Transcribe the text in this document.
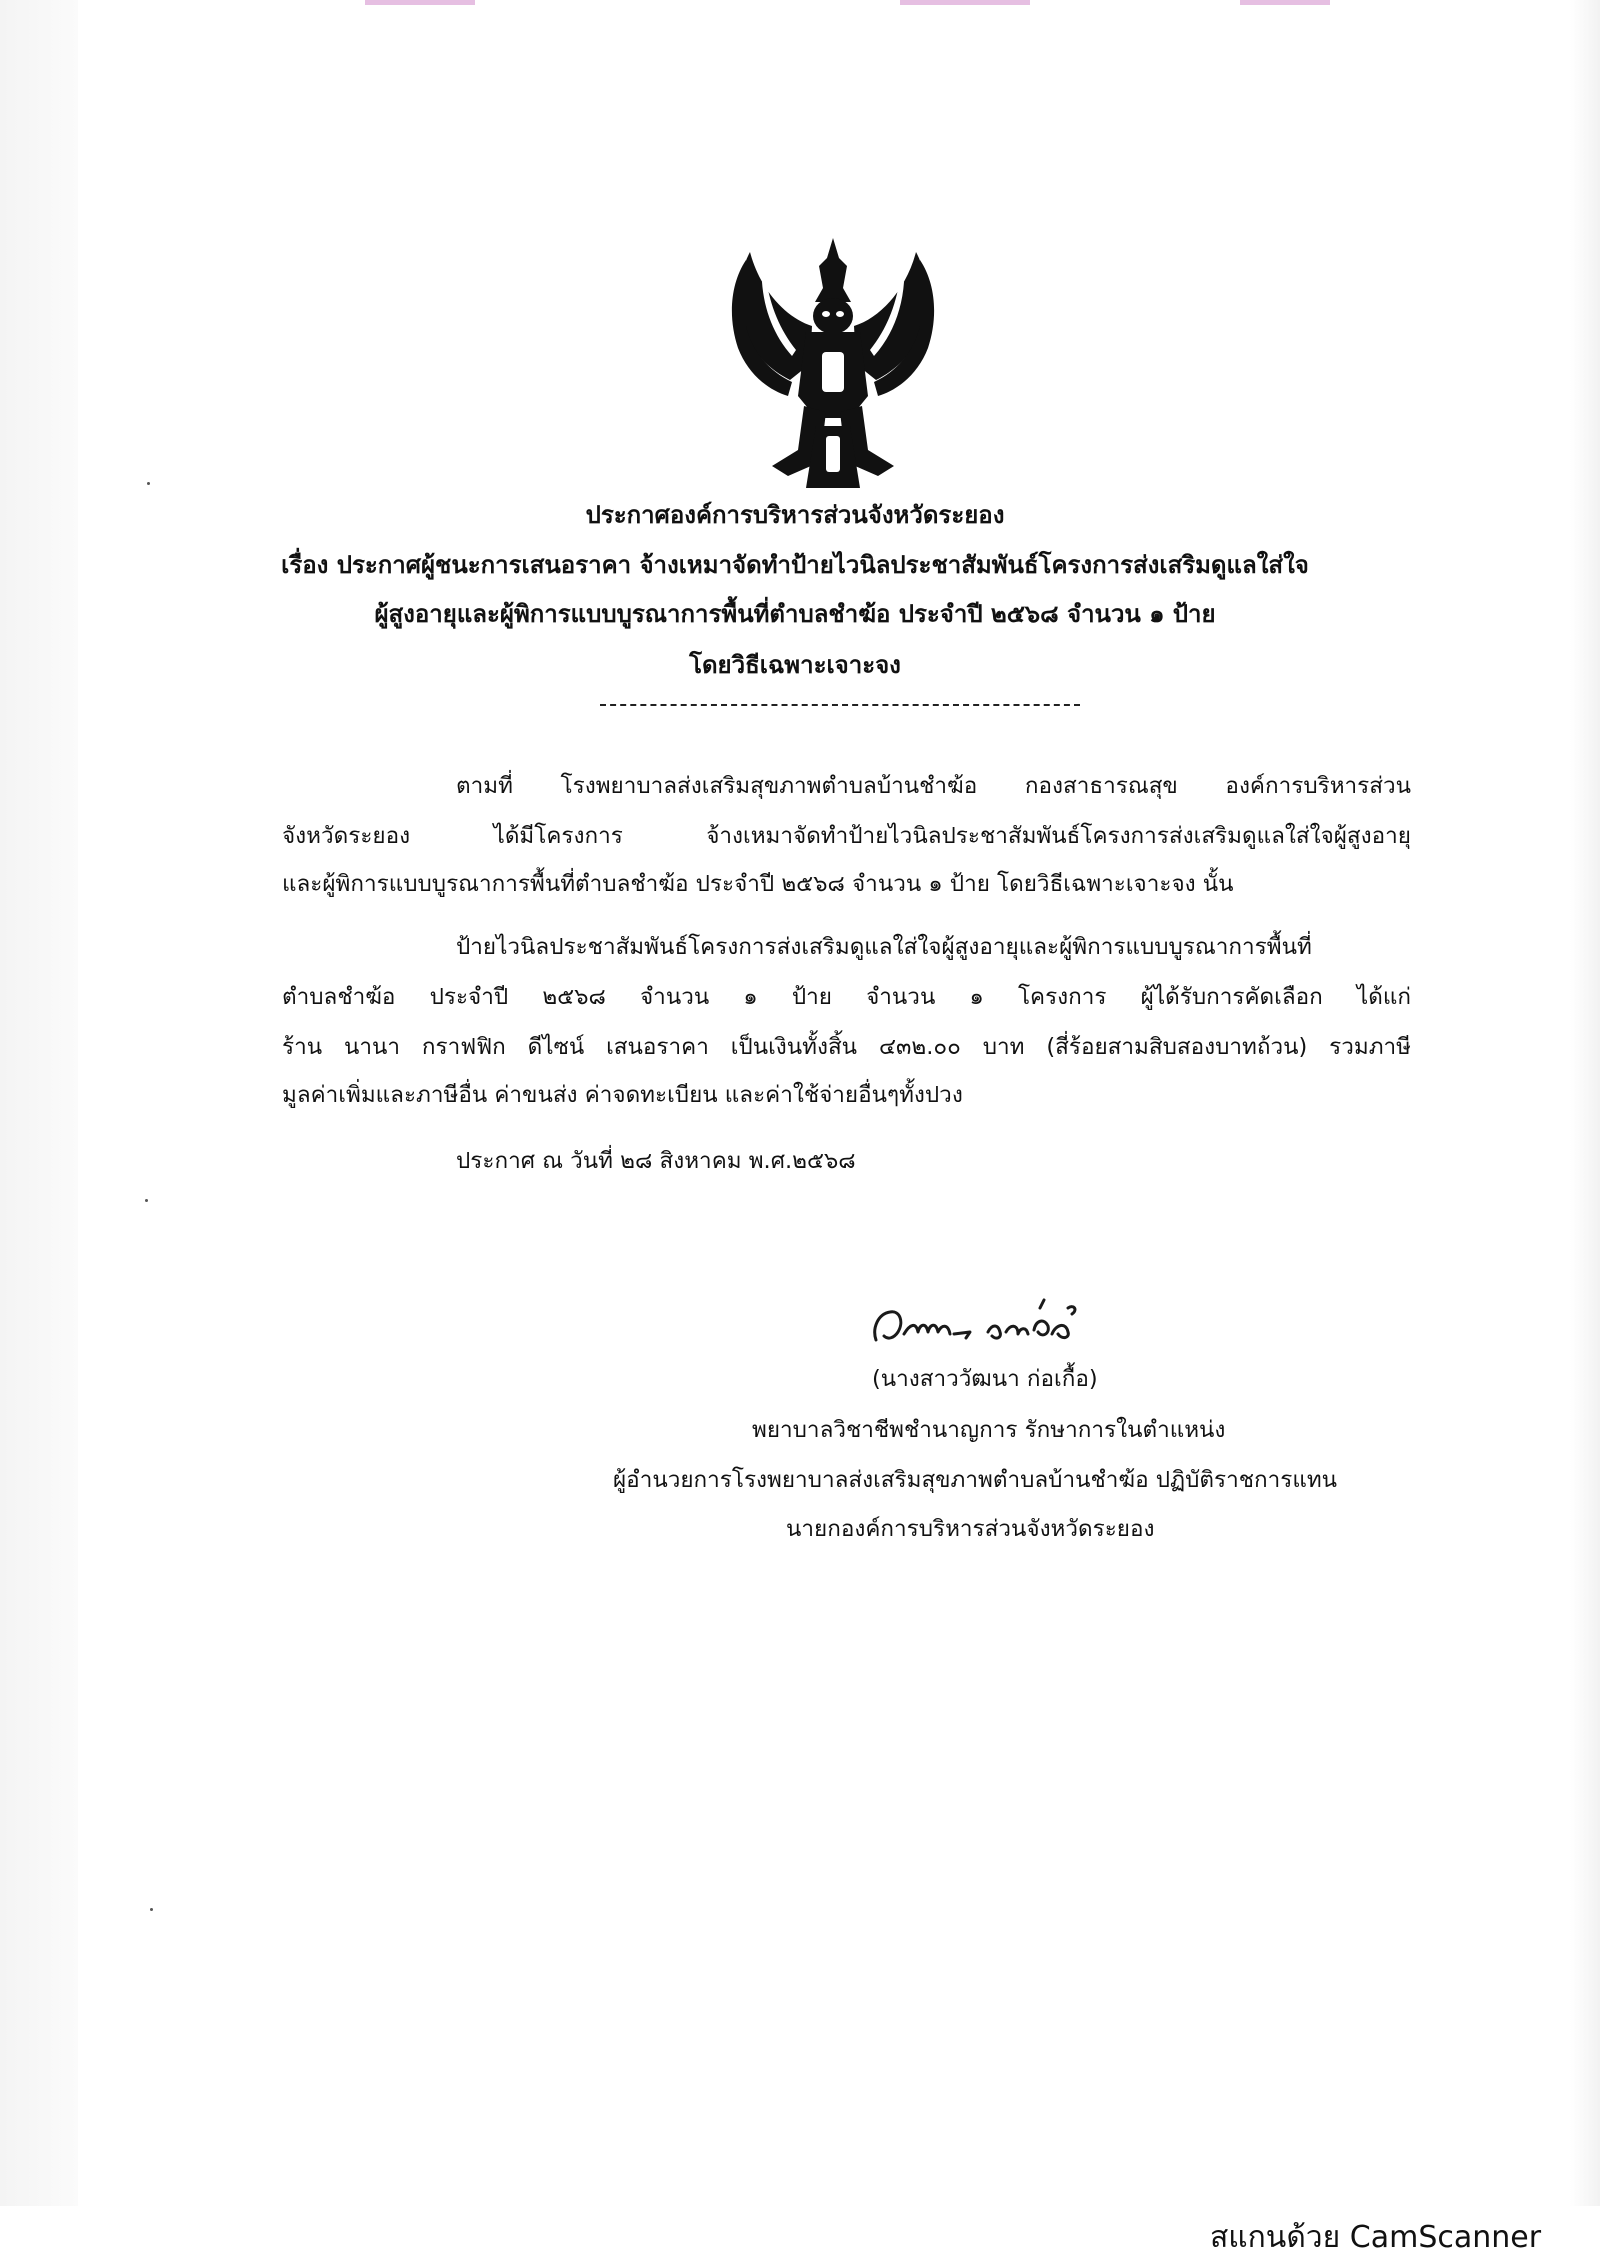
ประกาศองค์การบริหารส่วนจังหวัดระยอง
เรื่อง ประกาศผู้ชนะการเสนอราคา จ้างเหมาจัดทำป้ายไวนิลประชาสัมพันธ์โครงการส่งเสริมดูแลใส่ใจ
ผู้สูงอายุและผู้พิการแบบบูรณาการพื้นที่ตำบลชำฆ้อ ประจำปี ๒๕๖๘ จำนวน ๑ ป้าย
โดยวิธีเฉพาะเจาะจง
ตามที่ โรงพยาบาลส่งเสริมสุขภาพตำบลบ้านชำฆ้อ กองสาธารณสุข องค์การบริหารส่วน
จังหวัดระยอง ได้มีโครงการ จ้างเหมาจัดทำป้ายไวนิลประชาสัมพันธ์โครงการส่งเสริมดูแลใส่ใจผู้สูงอายุ
และผู้พิการแบบบูรณาการพื้นที่ตำบลชำฆ้อ ประจำปี ๒๕๖๘ จำนวน ๑ ป้าย โดยวิธีเฉพาะเจาะจง นั้น
ป้ายไวนิลประชาสัมพันธ์โครงการส่งเสริมดูแลใส่ใจผู้สูงอายุและผู้พิการแบบบูรณาการพื้นที่
ตำบลชำฆ้อ ประจำปี ๒๕๖๘ จำนวน ๑ ป้าย จำนวน ๑ โครงการ ผู้ได้รับการคัดเลือก ได้แก่
ร้าน นานา กราฟฟิก ดีไซน์ เสนอราคา เป็นเงินทั้งสิ้น ๔๓๒.๐๐ บาท (สี่ร้อยสามสิบสองบาทถ้วน) รวมภาษี
มูลค่าเพิ่มและภาษีอื่น ค่าขนส่ง ค่าจดทะเบียน และค่าใช้จ่ายอื่นๆทั้งปวง
ประกาศ ณ วันที่ ๒๘ สิงหาคม พ.ศ.๒๕๖๘
(นางสาววัฒนา ก่อเกื้อ)
พยาบาลวิชาชีพชำนาญการ รักษาการในตำแหน่ง
ผู้อำนวยการโรงพยาบาลส่งเสริมสุขภาพตำบลบ้านชำฆ้อ ปฏิบัติราชการแทน
นายกองค์การบริหารส่วนจังหวัดระยอง
สแกนด้วย CamScanner
